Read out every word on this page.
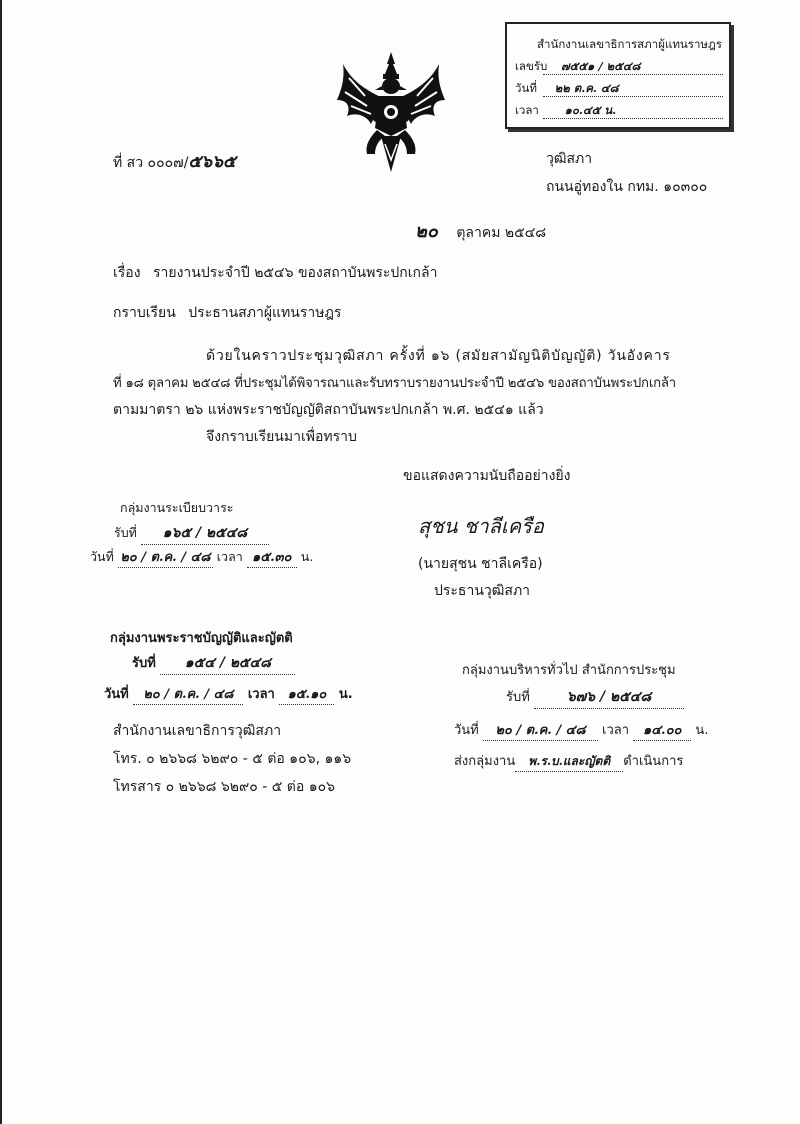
สำนักงานเลขาธิการสภาผู้แทนราษฎร
เลขรับ ๗๕๕๑ / ๒๕๔๘
วันที่ ๒๒ ต.ค. ๔๘
เวลา ๑๐.๔๕ น.
ที่ สว ๐๐๐๗/๕๖๖๕	วุฒิสภา
ถนนอู่ทองใน กทม. ๑๐๓๐๐
๒๐ ตุลาคม ๒๕๔๘
เรื่อง รายงานประจำปี ๒๕๔๖ ของสถาบันพระปกเกล้า
กราบเรียน ประธานสภาผู้แทนราษฎร
ด้วยในคราวประชุมวุฒิสภา ครั้งที่ ๑๖ (สมัยสามัญนิติบัญญัติ) วันอังคาร
ที่ ๑๘ ตุลาคม ๒๕๔๘ ที่ประชุมได้พิจารณาและรับทราบรายงานประจำปี ๒๕๔๖ ของสถาบันพระปกเกล้า
ตามมาตรา ๒๖ แห่งพระราชบัญญัติสถาบันพระปกเกล้า พ.ศ. ๒๕๔๑ แล้ว
จึงกราบเรียนมาเพื่อทราบ
ขอแสดงความนับถืออย่างยิ่ง
สุชน ชาลีเครือ
(นายสุชน ชาลีเครือ)
ประธานวุฒิสภา
กลุ่มงานระเบียบวาระ
รับที่ ๑๖๕ / ๒๕๔๘
วันที่ ๒๐ / ต.ค. / ๔๘ เวลา ๑๕.๓๐ น.
กลุ่มงานพระราชบัญญัติและญัตติ
รับที่ ๑๕๔ / ๒๕๔๘
วันที่ ๒๐ / ต.ค. / ๔๘ เวลา ๑๕.๑๐ น.
กลุ่มงานบริหารทั่วไป สำนักการประชุม
รับที่	๖๗๖ / ๒๕๔๘
วันที่ ๒๐ / ต.ค. / ๔๘ เวลา ๑๔.๐๐ น.
ส่งกลุ่มงาน พ.ร.บ.และญัตติ ดำเนินการ
สำนักงานเลขาธิการวุฒิสภา
โทร. ๐ ๒๖๖๘ ๖๒๙๐ - ๕ ต่อ ๑๐๖, ๑๑๖
โทรสาร ๐ ๒๖๖๘ ๖๒๙๐ - ๕ ต่อ ๑๐๖
